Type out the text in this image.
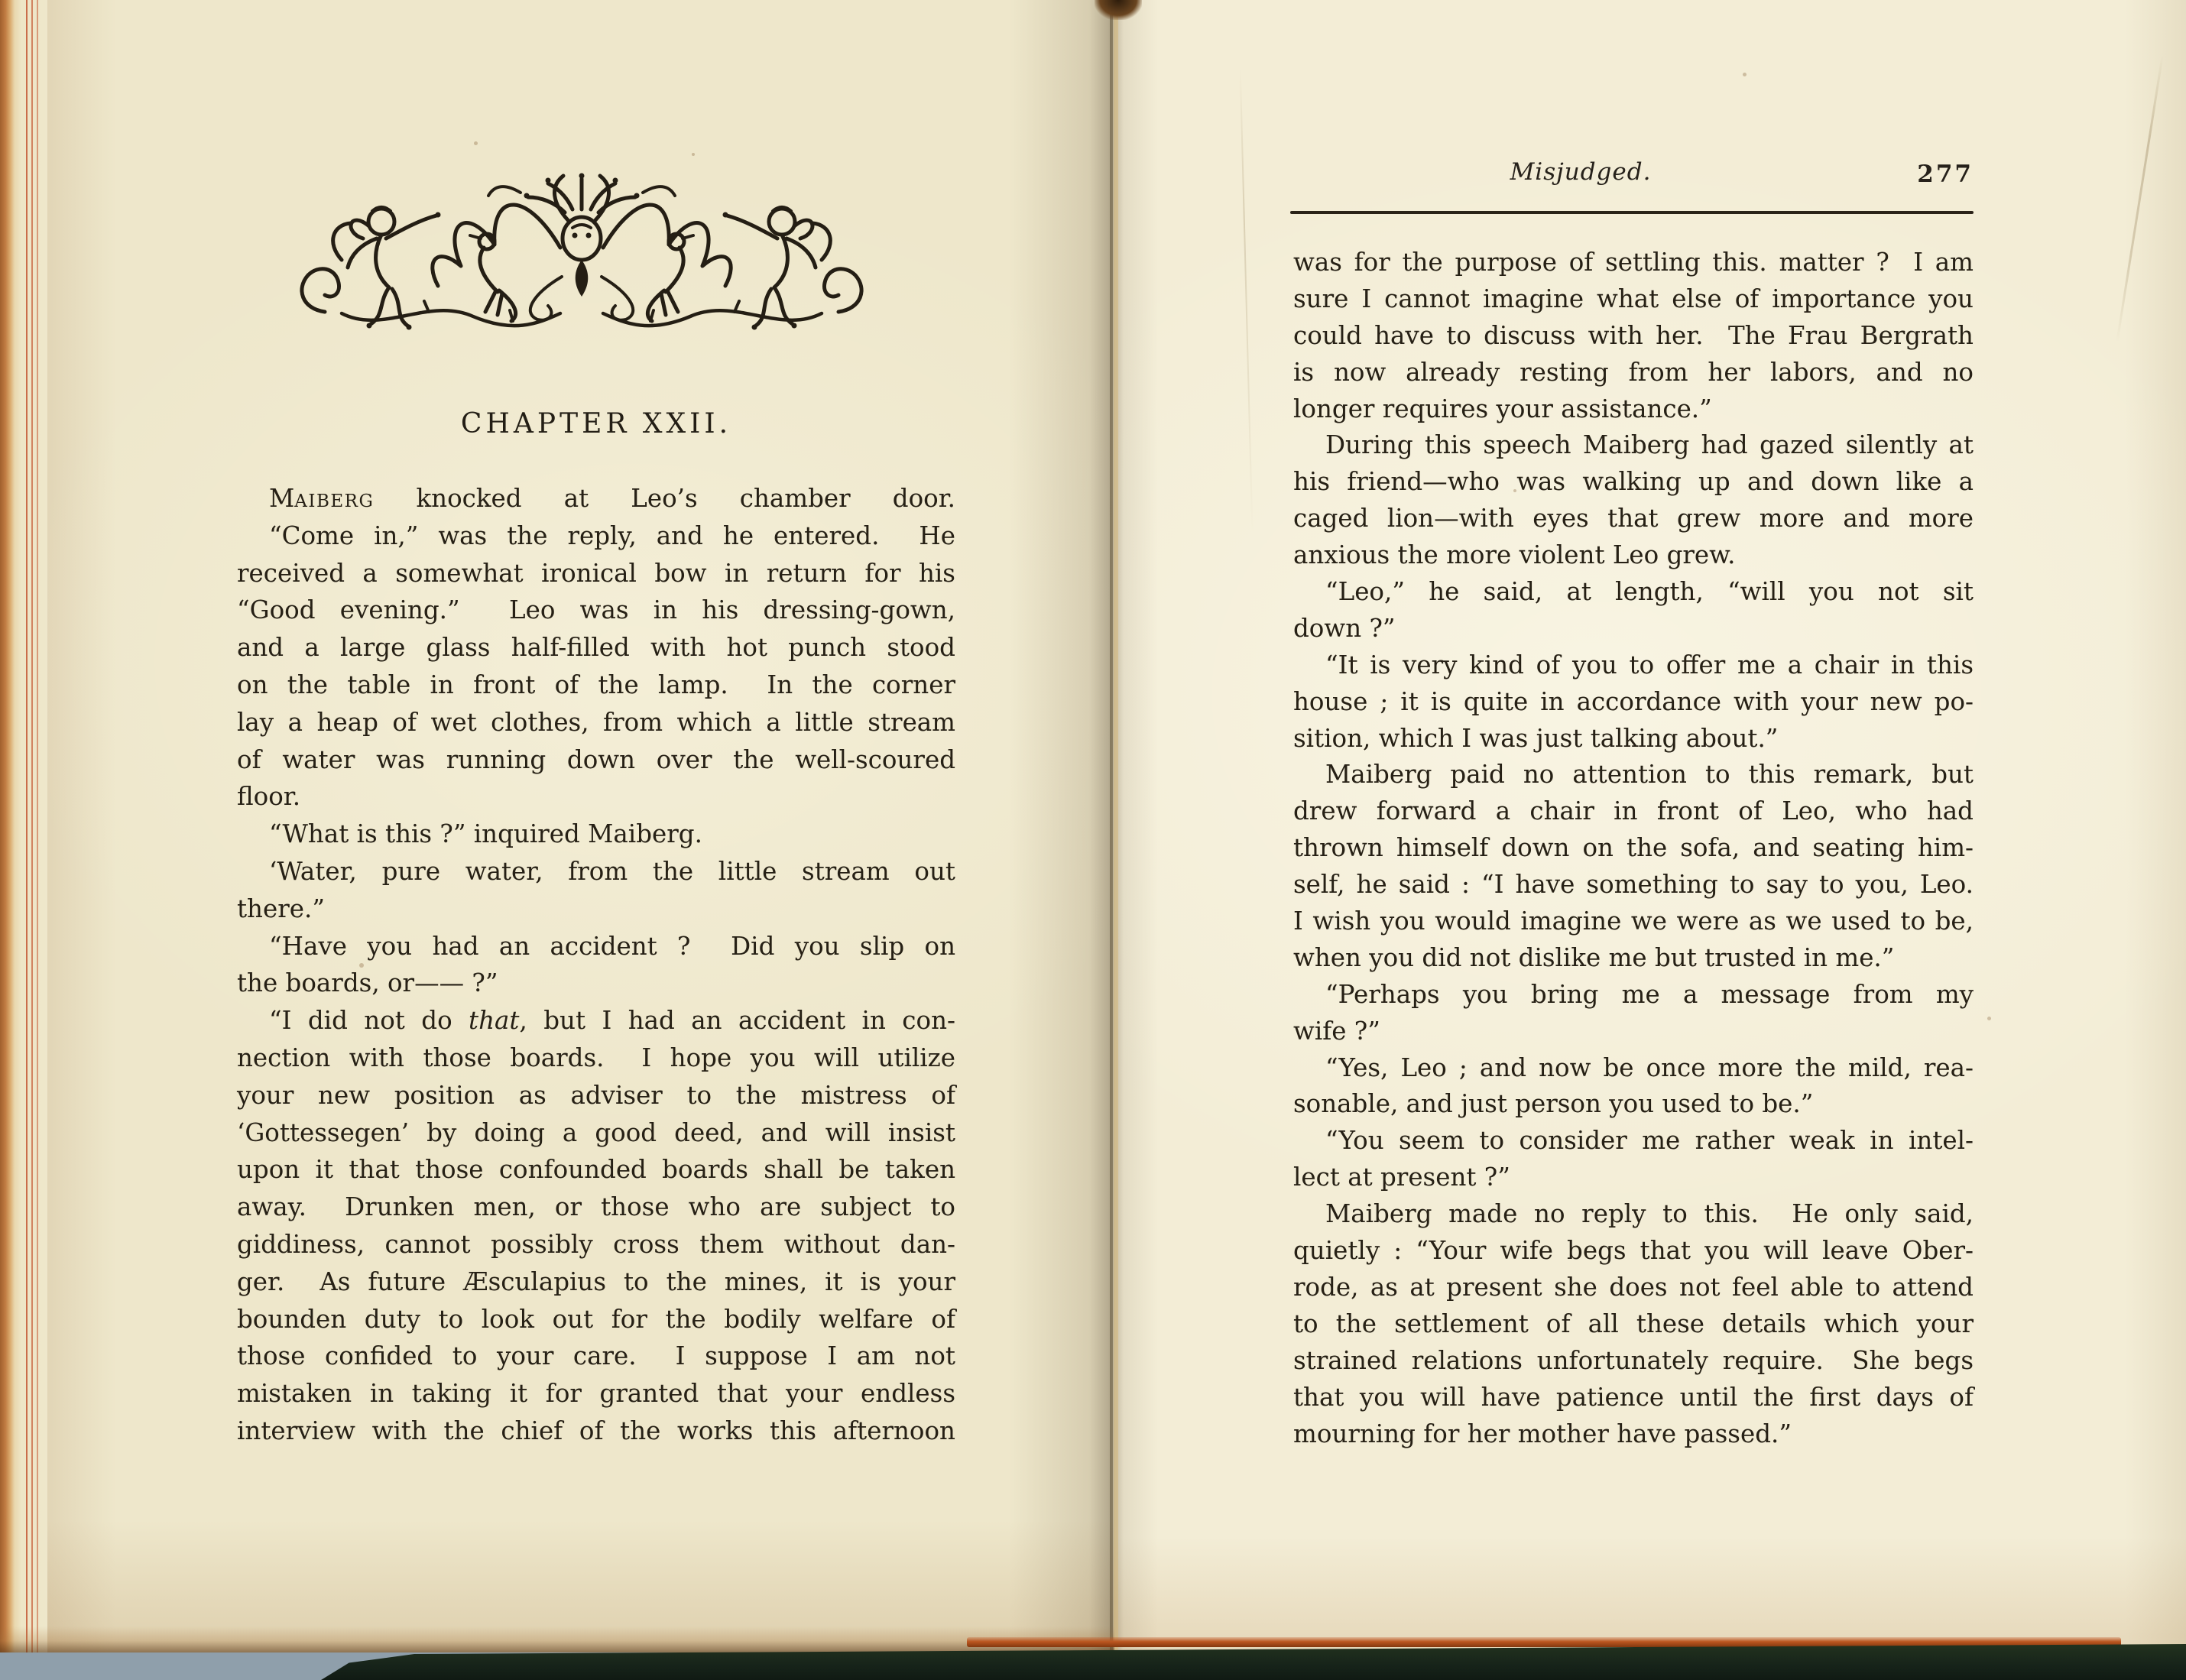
CHAPTER XXII.
Maiberg knocked at Leo’s chamber door.
“Come in,” was the reply, and he entered.  He
received a somewhat ironical bow in return for his
“Good evening.”  Leo was in his dressing-gown,
and a large glass half-filled with hot punch stood
on the table in front of the lamp.  In the corner
lay a heap of wet clothes, from which a little stream
of water was running down over the well-scoured
floor.
“What is this ?” inquired Maiberg.
‘Water, pure water, from the little stream out
there.”
“Have you had an accident ?  Did you slip on
the boards, or—— ?”
“I did not do that, but I had an accident in con-
nection with those boards.  I hope you will utilize
your new position as adviser to the mistress of
‘Gottessegen’ by doing a good deed, and will insist
upon it that those confounded boards shall be taken
away.  Drunken men, or those who are subject to
giddiness, cannot possibly cross them without dan-
ger.  As future Æsculapius to the mines, it is your
bounden duty to look out for the bodily welfare of
those confided to your care.  I suppose I am not
mistaken in taking it for granted that your endless
interview with the chief of the works this afternoon
Misjudged.	277
was for the purpose of settling this. matter ?  I am
sure I cannot imagine what else of importance you
could have to discuss with her.  The Frau Bergrath
is now already resting from her labors, and no
longer requires your assistance.”
During this speech Maiberg had gazed silently at
his friend—who was walking up and down like a
caged lion—with eyes that grew more and more
anxious the more violent Leo grew.
“Leo,” he said, at length, “will you not sit
down ?”
“It is very kind of you to offer me a chair in this
house ; it is quite in accordance with your new po-
sition, which I was just talking about.”
Maiberg paid no attention to this remark, but
drew forward a chair in front of Leo, who had
thrown himself down on the sofa, and seating him-
self, he said : “I have something to say to you, Leo.
I wish you would imagine we were as we used to be,
when you did not dislike me but trusted in me.”
“Perhaps you bring me a message from my
wife ?”
“Yes, Leo ; and now be once more the mild, rea-
sonable, and just person you used to be.”
“You seem to consider me rather weak in intel-
lect at present ?”
Maiberg made no reply to this.  He only said,
quietly : “Your wife begs that you will leave Ober-
rode, as at present she does not feel able to attend
to the settlement of all these details which your
strained relations unfortunately require.  She begs
that you will have patience until the first days of
mourning for her mother have passed.”
